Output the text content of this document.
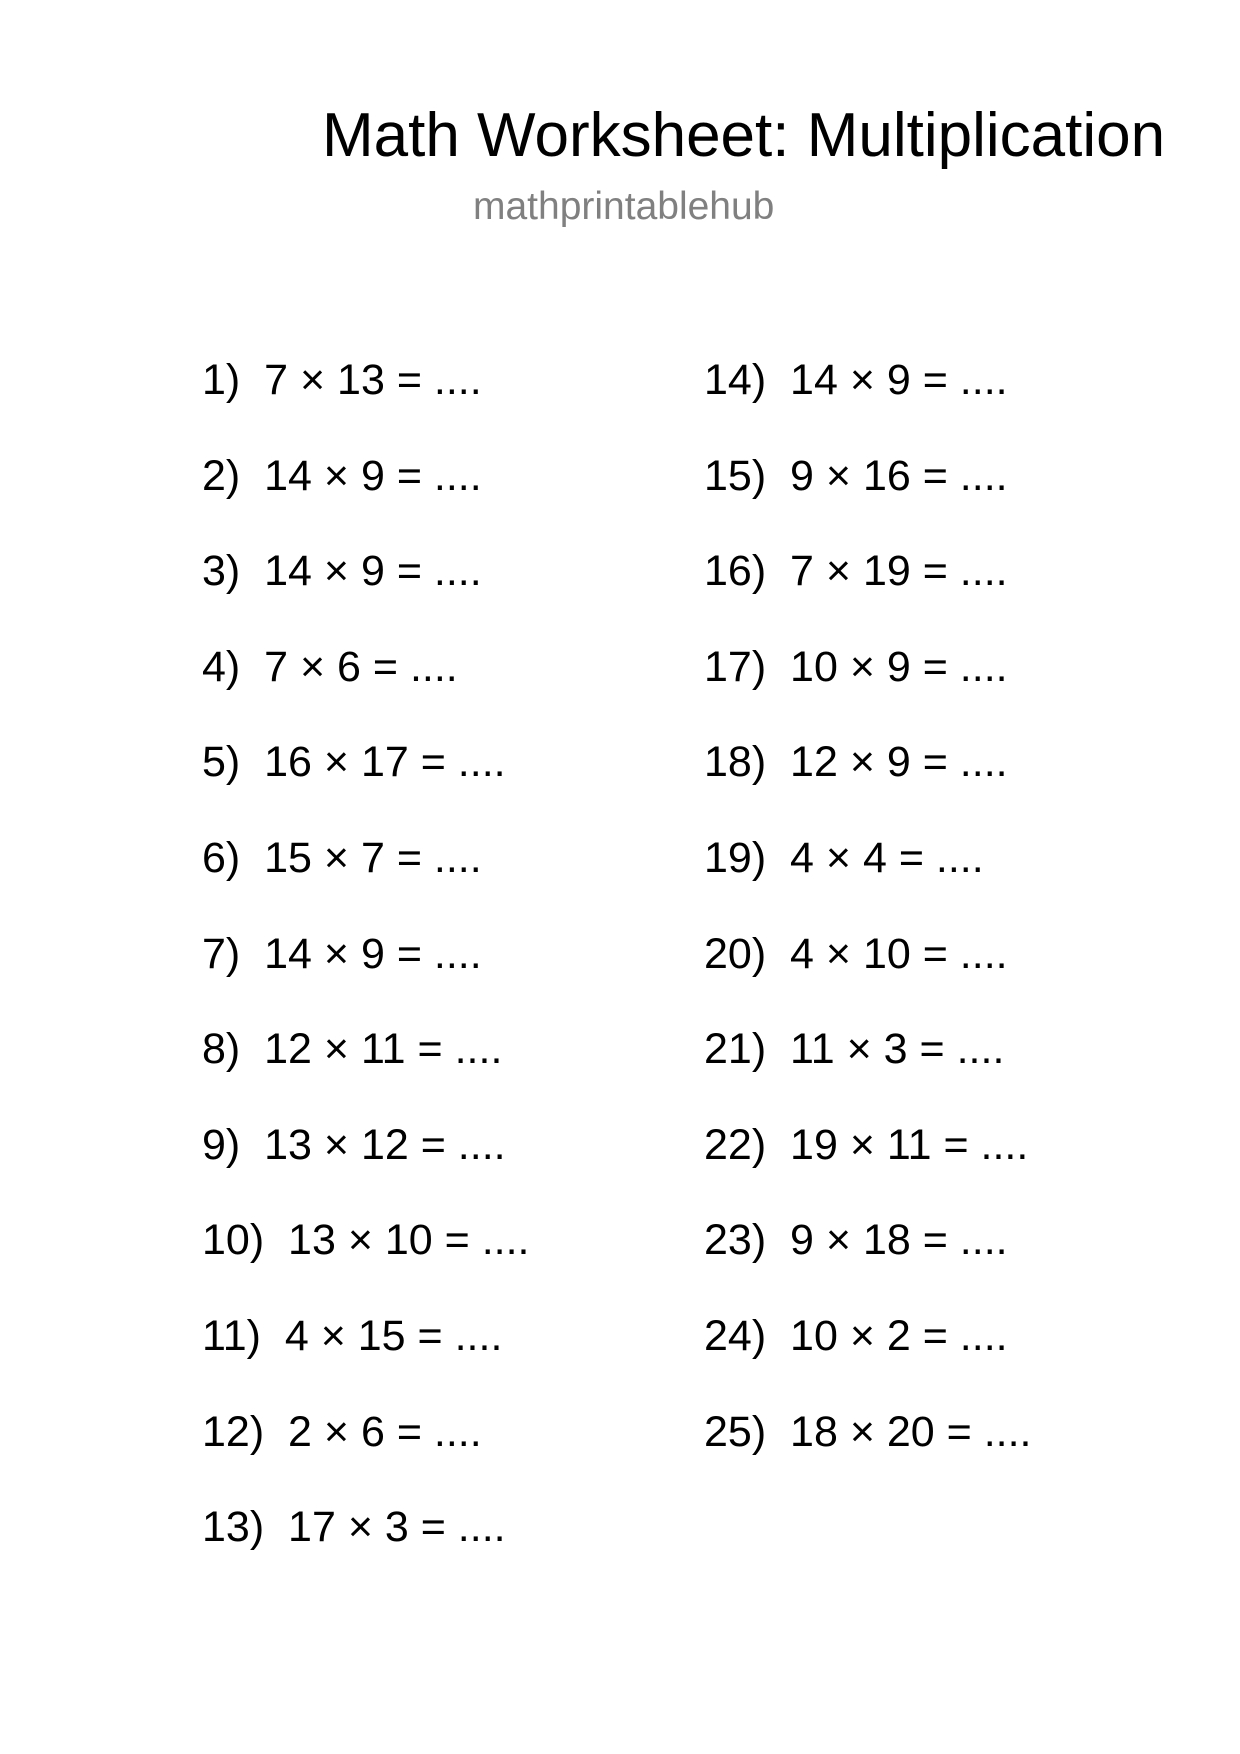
Math Worksheet: Multiplication
mathprintablehub
1)  7 × 13 = ....
2)  14 × 9 = ....
3)  14 × 9 = ....
4)  7 × 6 = ....
5)  16 × 17 = ....
6)  15 × 7 = ....
7)  14 × 9 = ....
8)  12 × 11 = ....
9)  13 × 12 = ....
10)  13 × 10 = ....
11)  4 × 15 = ....
12)  2 × 6 = ....
13)  17 × 3 = ....
14)  14 × 9 = ....
15)  9 × 16 = ....
16)  7 × 19 = ....
17)  10 × 9 = ....
18)  12 × 9 = ....
19)  4 × 4 = ....
20)  4 × 10 = ....
21)  11 × 3 = ....
22)  19 × 11 = ....
23)  9 × 18 = ....
24)  10 × 2 = ....
25)  18 × 20 = ....
